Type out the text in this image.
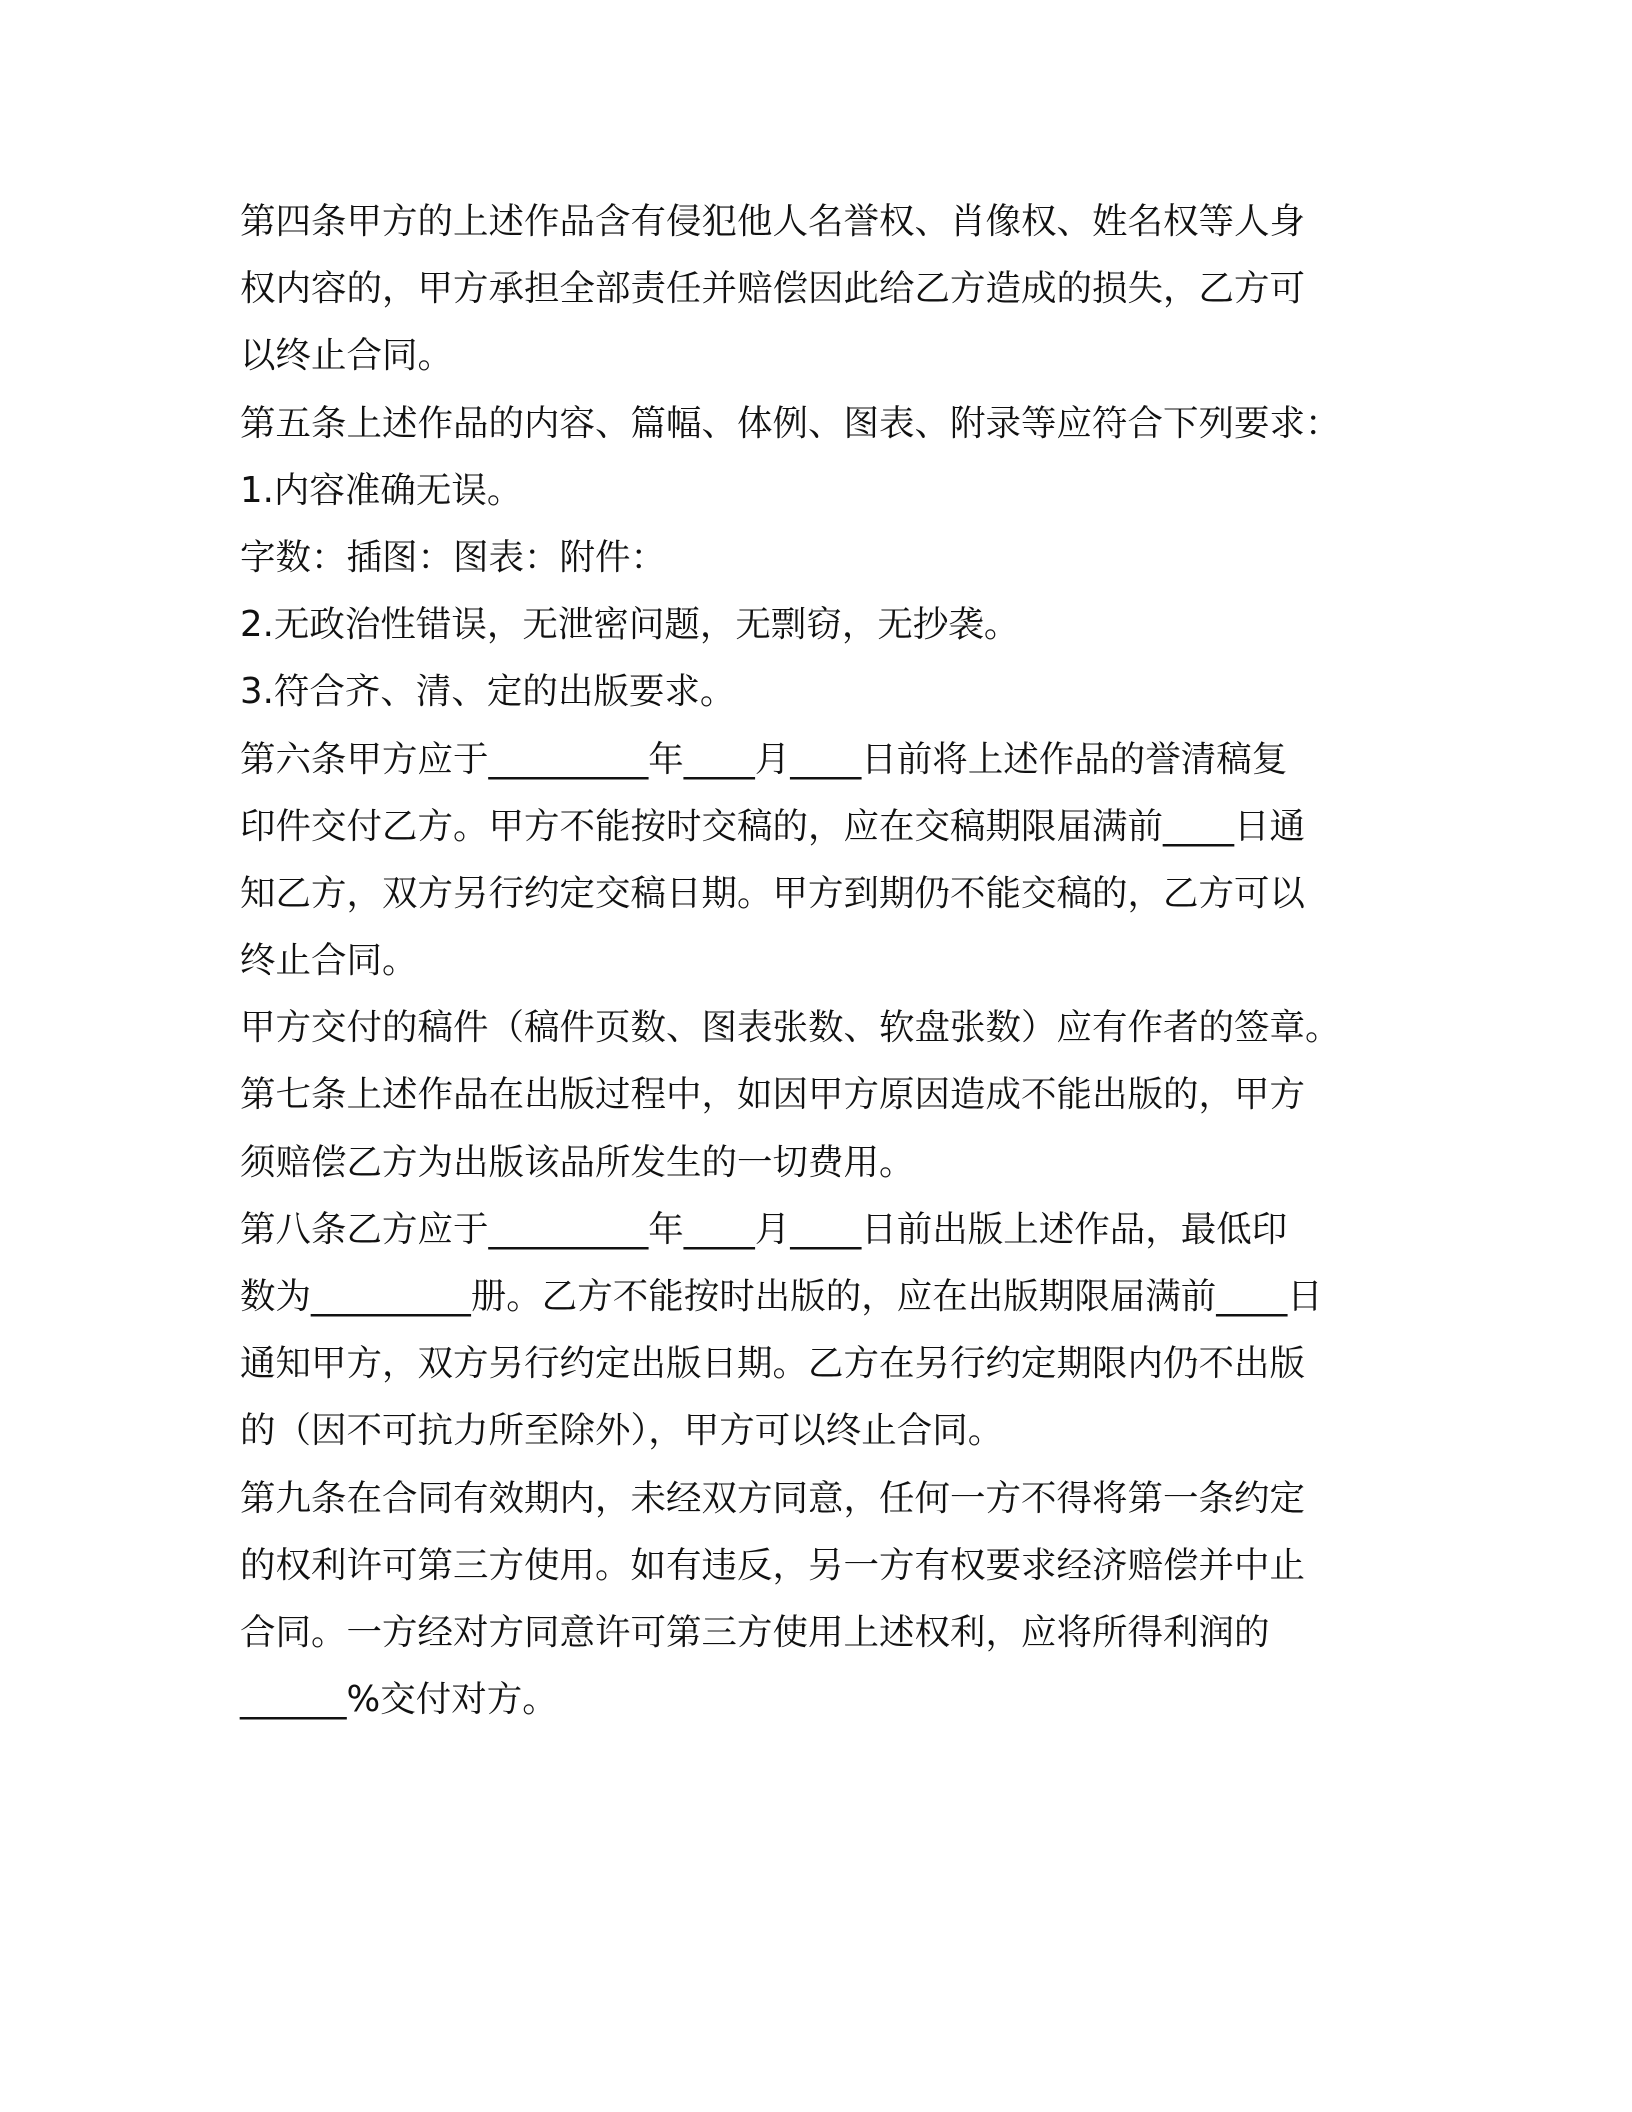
第四条甲方的上述作品含有侵犯他人名誉权、肖像权、姓名权等人身
权内容的，甲方承担全部责任并赔偿因此给乙方造成的损失，乙方可
以终止合同。
第五条上述作品的内容、篇幅、体例、图表、附录等应符合下列要求：
1.内容准确无误。
字数：插图：图表：附件：
2.无政治性错误，无泄密问题，无剽窃，无抄袭。
3.符合齐、清、定的出版要求。
第六条甲方应于_________年____月____日前将上述作品的誉清稿复
印件交付乙方。甲方不能按时交稿的，应在交稿期限届满前____日通
知乙方，双方另行约定交稿日期。甲方到期仍不能交稿的，乙方可以
终止合同。
甲方交付的稿件（稿件页数、图表张数、软盘张数）应有作者的签章。
第七条上述作品在出版过程中，如因甲方原因造成不能出版的，甲方
须赔偿乙方为出版该品所发生的一切费用。
第八条乙方应于_________年____月____日前出版上述作品，最低印
数为_________册。乙方不能按时出版的，应在出版期限届满前____日
通知甲方，双方另行约定出版日期。乙方在另行约定期限内仍不出版
的（因不可抗力所至除外），甲方可以终止合同。
第九条在合同有效期内，未经双方同意，任何一方不得将第一条约定
的权利许可第三方使用。如有违反，另一方有权要求经济赔偿并中止
合同。一方经对方同意许可第三方使用上述权利，应将所得利润的
______%交付对方。
